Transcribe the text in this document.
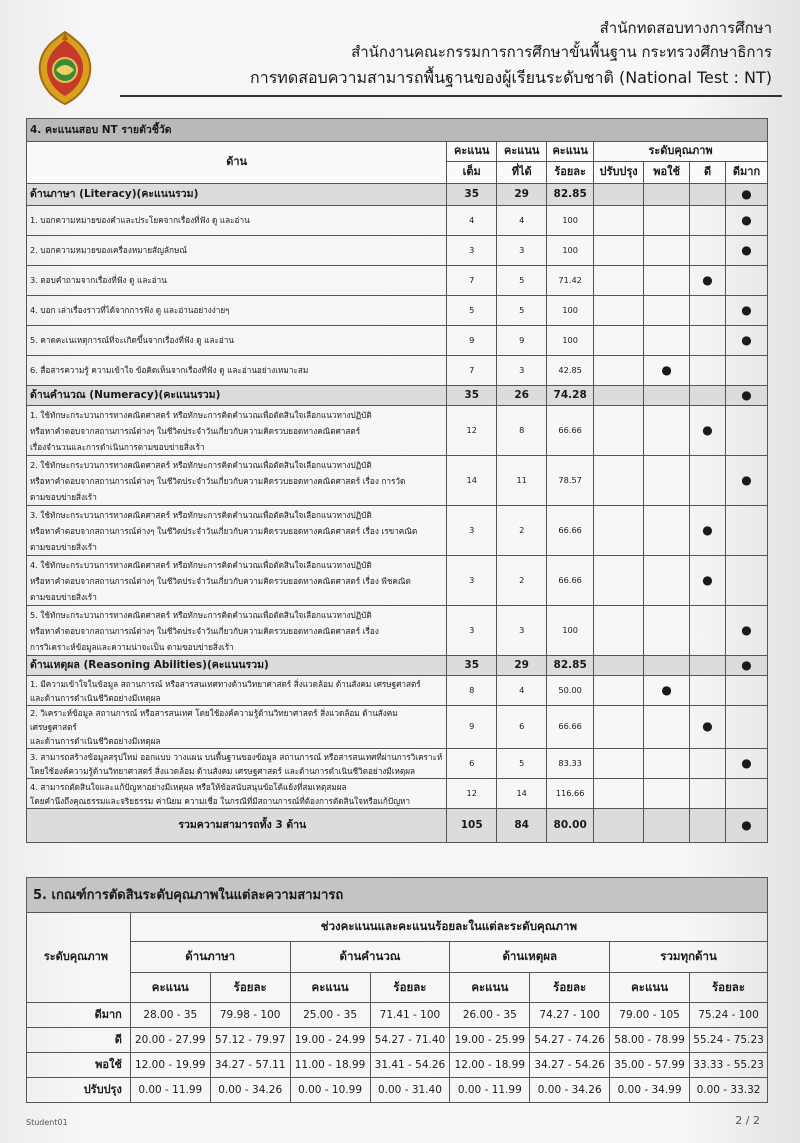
สำนักทดสอบทางการศึกษา
สำนักงานคณะกรรมการการศึกษาขั้นพื้นฐาน กระทรวงศึกษาธิการ
การทดสอบความสามารถพื้นฐานของผู้เรียนระดับชาติ (National Test : NT)
4. คะแนนสอบ NT รายตัวชี้วัด							
ด้าน	คะแนน	คะแนน	คะแนน	ระดับคุณภาพ			
	เต็ม	ที่ได้	ร้อยละ	ปรับปรุง	พอใช้	ดี	ดีมาก
ด้านภาษา (Literacy)(คะแนนรวม)	35	29	82.85				●
1. บอกความหมายของคำและประโยคจากเรื่องที่ฟัง ดู และอ่าน	4	4	100				●
2. บอกความหมายของเครื่องหมายสัญลักษณ์	3	3	100				●
3. ตอบคำถามจากเรื่องที่ฟัง ดู และอ่าน	7	5	71.42			●	
4. บอก เล่าเรื่องราวที่ได้จากการฟัง ดู และอ่านอย่างง่ายๆ	5	5	100				●
5. คาดคะเนเหตุการณ์ที่จะเกิดขึ้นจากเรื่องที่ฟัง ดู และอ่าน	9	9	100				●
6. สื่อสารความรู้ ความเข้าใจ ข้อคิดเห็นจากเรื่องที่ฟัง ดู และอ่านอย่างเหมาะสม	7	3	42.85		●		
ด้านคำนวณ (Numeracy)(คะแนนรวม)	35	26	74.28				●

1. ใช้ทักษะกระบวนการทางคณิตศาสตร์ หรือทักษะการคิดคำนวณเพื่อตัดสินใจเลือกแนวทางปฏิบัติ
หรือหาคำตอบจากสถานการณ์ต่างๆ ในชีวิตประจำวันเกี่ยวกับความคิดรวบยอดทางคณิตศาสตร์
เรื่องจำนวนและการดำเนินการตามขอบข่ายสิ่งเร้า	12	8	66.66			●	

2. ใช้ทักษะกระบวนการทางคณิตศาสตร์ หรือทักษะการคิดคำนวณเพื่อตัดสินใจเลือกแนวทางปฏิบัติ
หรือหาคำตอบจากสถานการณ์ต่างๆ ในชีวิตประจำวันเกี่ยวกับความคิดรวบยอดทางคณิตศาสตร์ เรื่อง การวัด
ตามขอบข่ายสิ่งเร้า	14	11	78.57				●

3. ใช้ทักษะกระบวนการทางคณิตศาสตร์ หรือทักษะการคิดคำนวณเพื่อตัดสินใจเลือกแนวทางปฏิบัติ
หรือหาคำตอบจากสถานการณ์ต่างๆ ในชีวิตประจำวันเกี่ยวกับความคิดรวบยอดทางคณิตศาสตร์ เรื่อง เรขาคณิต
ตามขอบข่ายสิ่งเร้า	3	2	66.66			●	

4. ใช้ทักษะกระบวนการทางคณิตศาสตร์ หรือทักษะการคิดคำนวณเพื่อตัดสินใจเลือกแนวทางปฏิบัติ
หรือหาคำตอบจากสถานการณ์ต่างๆ ในชีวิตประจำวันเกี่ยวกับความคิดรวบยอดทางคณิตศาสตร์ เรื่อง พีชคณิต
ตามขอบข่ายสิ่งเร้า	3	2	66.66			●	

5. ใช้ทักษะกระบวนการทางคณิตศาสตร์ หรือทักษะการคิดคำนวณเพื่อตัดสินใจเลือกแนวทางปฏิบัติ
หรือหาคำตอบจากสถานการณ์ต่างๆ ในชีวิตประจำวันเกี่ยวกับความคิดรวบยอดทางคณิตศาสตร์ เรื่อง
การวิเคราะห์ข้อมูลและความน่าจะเป็น ตามขอบข่ายสิ่งเร้า	3	3	100				●
ด้านเหตุผล (Reasoning Abilities)(คะแนนรวม)	35	29	82.85				●

1. มีความเข้าใจในข้อมูล สถานการณ์ หรือสารสนเทศทางด้านวิทยาศาสตร์ สิ่งแวดล้อม ด้านสังคม เศรษฐศาสตร์
และด้านการดำเนินชีวิตอย่างมีเหตุผล	8	4	50.00		●		

2. วิเคราะห์ข้อมูล สถานการณ์ หรือสารสนเทศ โดยใช้องค์ความรู้ด้านวิทยาศาสตร์ สิ่งแวดล้อม ด้านสังคม เศรษฐศาสตร์
และด้านการดำเนินชีวิตอย่างมีเหตุผล	9	6	66.66			●	

3. สามารถสร้างข้อมูลสรุปใหม่ ออกแบบ วางแผน บนพื้นฐานของข้อมูล สถานการณ์ หรือสารสนเทศที่ผ่านการวิเคราะห์
โดยใช้องค์ความรู้ด้านวิทยาศาสตร์ สิ่งแวดล้อม ด้านสังคม เศรษฐศาสตร์ และด้านการดำเนินชีวิตอย่างมีเหตุผล	6	5	83.33				●

4. สามารถตัดสินใจและแก้ปัญหาอย่างมีเหตุผล หรือให้ข้อสนับสนุนข้อโต้แย้งที่สมเหตุสมผล
โดยคำนึงถึงคุณธรรมและจริยธรรม ค่านิยม ความเชื่อ ในกรณีที่มีสถานการณ์ที่ต้องการตัดสินใจหรือแก้ปัญหา	12	14	116.66				
รวมความสามารถทั้ง 3 ด้าน	105	84	80.00				●
5. เกณฑ์การตัดสินระดับคุณภาพในแต่ละความสามารถ
ระดับคุณภาพ	ช่วงคะแนนและคะแนนร้อยละในแต่ละระดับคุณภาพ							
	ด้านภาษา		ด้านคำนวณ		ด้านเหตุผล		รวมทุกด้าน	
	คะแนน	ร้อยละ	คะแนน	ร้อยละ	คะแนน	ร้อยละ	คะแนน	ร้อยละ
ดีมาก	28.00 - 35	79.98 - 100	25.00 - 35	71.41 - 100	26.00 - 35	74.27 - 100	79.00 - 105	75.24 - 100
ดี	20.00 - 27.99	57.12 - 79.97	19.00 - 24.99	54.27 - 71.40	19.00 - 25.99	54.27 - 74.26	58.00 - 78.99	55.24 - 75.23
พอใช้	12.00 - 19.99	34.27 - 57.11	11.00 - 18.99	31.41 - 54.26	12.00 - 18.99	34.27 - 54.26	35.00 - 57.99	33.33 - 55.23
ปรับปรุง	0.00 - 11.99	0.00 - 34.26	0.00 - 10.99	0.00 - 31.40	0.00 - 11.99	0.00 - 34.26	0.00 - 34.99	0.00 - 33.32
Student01	2 / 2
